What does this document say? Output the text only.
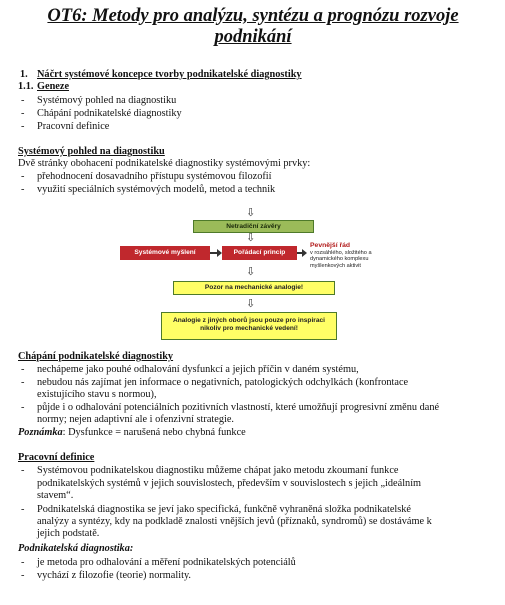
OT6: Metody pro analýzu, syntézu a prognózu rozvoje podnikání
1. Náčrt systémové koncepce tvorby podnikatelské diagnostiky
1.1. Geneze
- Systémový pohled na diagnostiku
- Chápání podnikatelské diagnostiky
- Pracovní definice
Systémový pohled na diagnostiku
Dvě stránky obohacení podnikatelské diagnostiky systémovými prvky:
- přehodnocení dosavadního přístupu systémovou filozofií
- využití speciálních systémových modelů, metod a technik
⇩
Netradiční závěry
⇩
Systémové myšlení	Pořádací princip
Pevnější řád
v rozsáhlého, složitého a
dynamického komplexu
myšlenkových aktivit
⇩
Pozor na mechanické analogie!
⇩
Analogie z jiných oborů jsou pouze pro inspiraci
nikoliv pro mechanické vedení!
Chápání podnikatelské diagnostiky
- nechápeme jako pouhé odhalování dysfunkcí a jejich příčin v daném systému,
- nebudou nás zajímat jen informace o negativních, patologických odchylkách (konfrontace
existujícího stavu s normou),
- půjde i o odhalování potenciálních pozitivních vlastností, které umožňují progresivní změnu dané
normy; nejen adaptivní ale i ofenzivní strategie.
Poznámka: Dysfunkce = narušená nebo chybná funkce
Pracovní definice
- Systémovou podnikatelskou diagnostiku můžeme chápat jako metodu zkoumaní funkce
podnikatelských systémů v jejich souvislostech, především v souvislostech s jejich „ideálním
stavem“.
- Podnikatelská diagnostika se jeví jako specifická, funkčně vyhraněná složka podnikatelské
analýzy a syntézy, kdy na podkladě znalosti vnějších jevů (příznaků, syndromů) se dostáváme k
jejich podstatě.
Podnikatelská diagnostika:
- je metoda pro odhalování a měření podnikatelských potenciálů
- vychází z filozofie (teorie) normality.
